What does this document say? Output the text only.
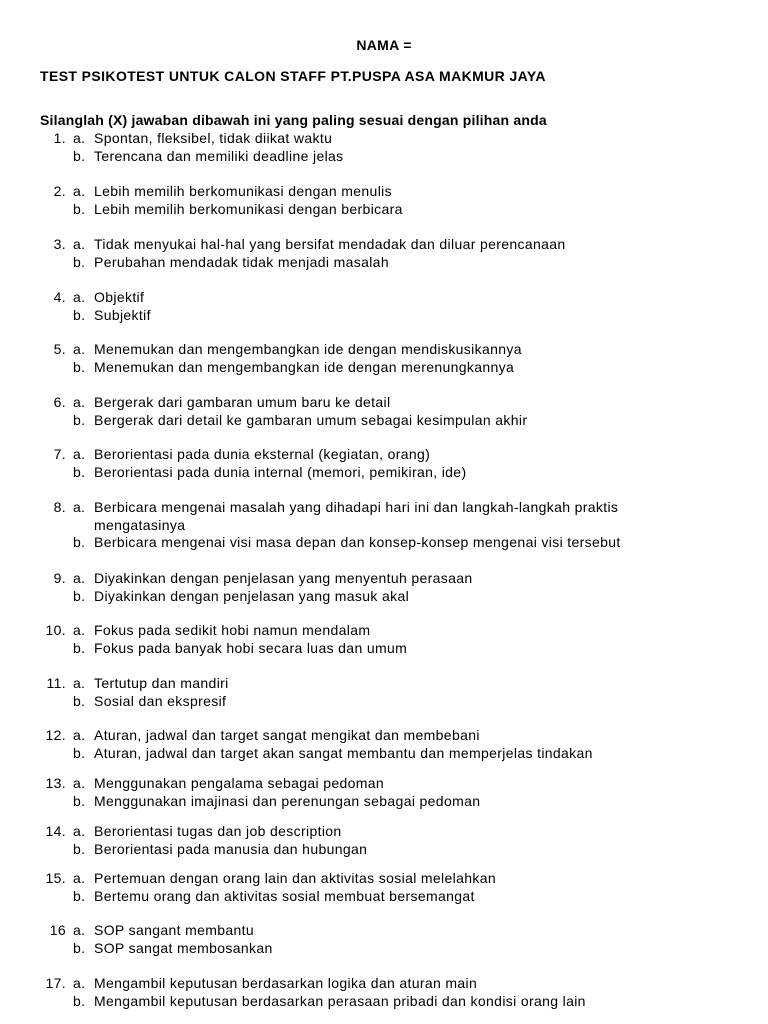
NAMA =
TEST PSIKOTEST UNTUK CALON STAFF PT.PUSPA ASA MAKMUR JAYA
Silanglah (X) jawaban dibawah ini yang paling sesuai dengan pilihan anda
1. a. Spontan, fleksibel, tidak diikat waktu
b. Terencana dan memiliki deadline jelas
2. a. Lebih memilih berkomunikasi dengan menulis
b. Lebih memilih berkomunikasi dengan berbicara
3. a. Tidak menyukai hal-hal yang bersifat mendadak dan diluar perencanaan
b. Perubahan mendadak tidak menjadi masalah
4. a. Objektif
b. Subjektif
5. a. Menemukan dan mengembangkan ide dengan mendiskusikannya
b. Menemukan dan mengembangkan ide dengan merenungkannya
6. a. Bergerak dari gambaran umum baru ke detail
b. Bergerak dari detail ke gambaran umum sebagai kesimpulan akhir
7. a. Berorientasi pada dunia eksternal (kegiatan, orang)
b. Berorientasi pada dunia internal (memori, pemikiran, ide)
8. a. Berbicara mengenai masalah yang dihadapi hari ini dan langkah-langkah praktis
mengatasinya
b. Berbicara mengenai visi masa depan dan konsep-konsep mengenai visi tersebut
9. a. Diyakinkan dengan penjelasan yang menyentuh perasaan
b. Diyakinkan dengan penjelasan yang masuk akal
10. a. Fokus pada sedikit hobi namun mendalam
b. Fokus pada banyak hobi secara luas dan umum
11. a. Tertutup dan mandiri
b. Sosial dan ekspresif
12. a. Aturan, jadwal dan target sangat mengikat dan membebani
b. Aturan, jadwal dan target akan sangat membantu dan memperjelas tindakan
13. a. Menggunakan pengalama sebagai pedoman
b. Menggunakan imajinasi dan perenungan sebagai pedoman
14. a. Berorientasi tugas dan job description
b. Berorientasi pada manusia dan hubungan
15. a. Pertemuan dengan orang lain dan aktivitas sosial melelahkan
b. Bertemu orang dan aktivitas sosial membuat bersemangat
16 a. SOP sangant membantu
b. SOP sangat membosankan
17. a. Mengambil keputusan berdasarkan logika dan aturan main
b. Mengambil keputusan berdasarkan perasaan pribadi dan kondisi orang lain
